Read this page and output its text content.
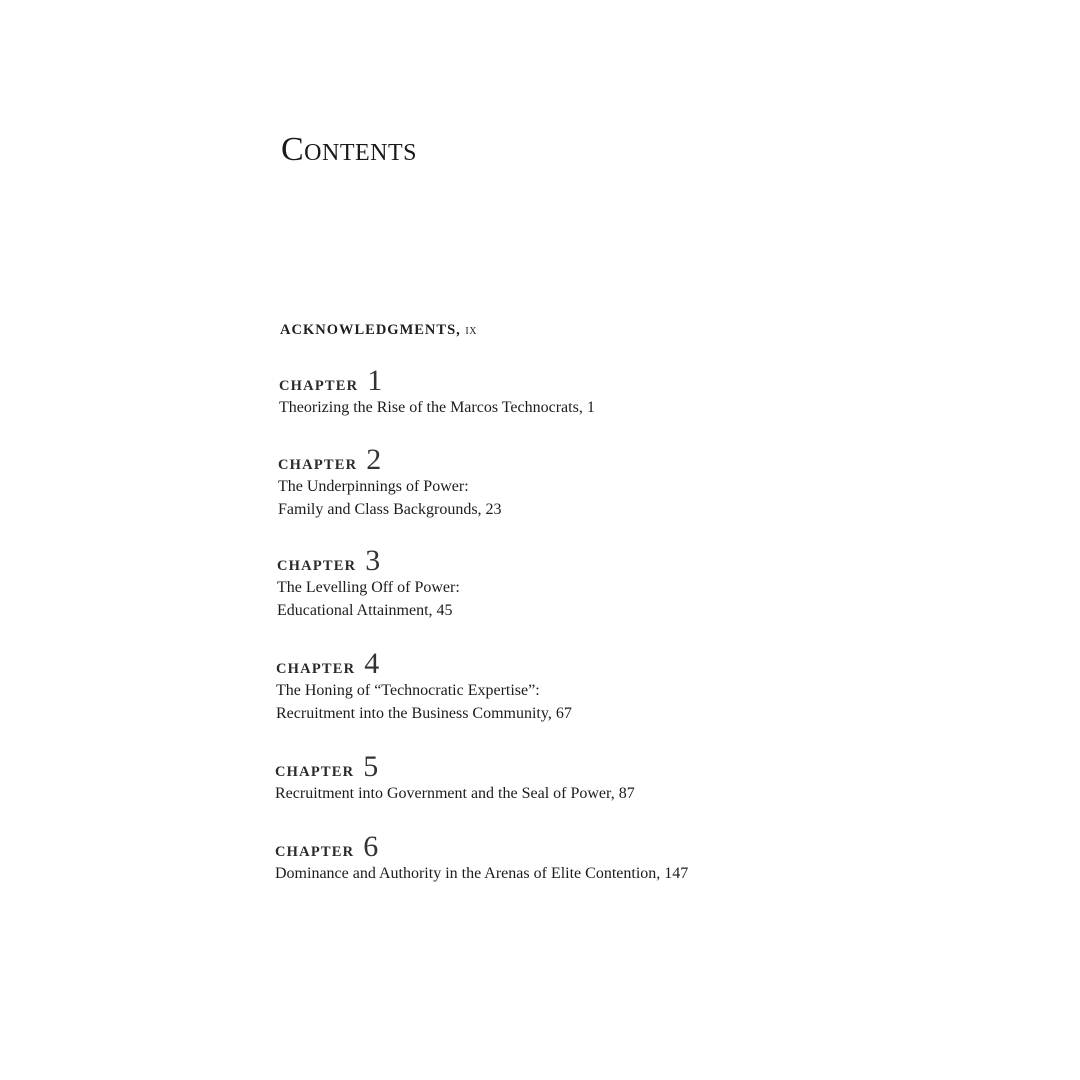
Contents
ACKNOWLEDGMENTS, ix
CHAPTER 1
Theorizing the Rise of the Marcos Technocrats, 1
CHAPTER 2
The Underpinnings of Power:
Family and Class Backgrounds, 23
CHAPTER 3
The Levelling Off of Power:
Educational Attainment, 45
CHAPTER 4
The Honing of “Technocratic Expertise”:
Recruitment into the Business Community, 67
CHAPTER 5
Recruitment into Government and the Seal of Power, 87
CHAPTER 6
Dominance and Authority in the Arenas of Elite Contention, 147
